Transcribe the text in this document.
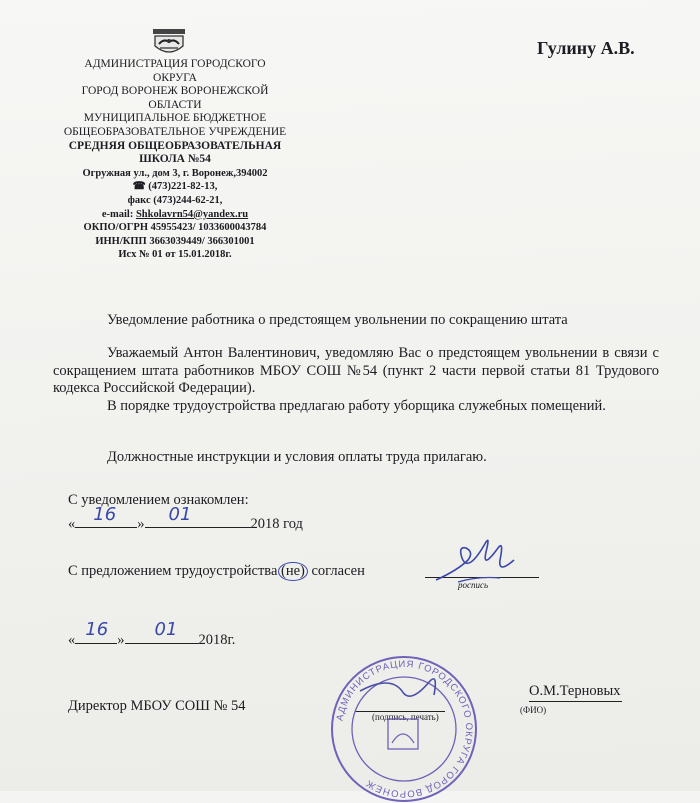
АДМИНИСТРАЦИЯ ГОРОДСКОГО
ОКРУГА
ГОРОД ВОРОНЕЖ ВОРОНЕЖСКОЙ
ОБЛАСТИ
МУНИЦИПАЛЬНОЕ БЮДЖЕТНОЕ
ОБЩЕОБРАЗОВАТЕЛЬНОЕ УЧРЕЖДЕНИЕ
СРЕДНЯЯ ОБЩЕОБРАЗОВАТЕЛЬНАЯ
ШКОЛА №54
Огружная ул., дом 3, г. Воронеж,394002
☎ (473)221-82-13,
факс (473)244-62-21,
e-mail: Shkolavrn54@yandex.ru
ОКПО/ОГРН 45955423/ 1033600043784
ИНН/КПП 3663039449/ 366301001
Исх № 01 от 15.01.2018г.
Гулину А.В.
Уведомление работника о предстоящем увольнении по сокращению штата

Уважаемый Антон Валентинович, уведомляю Вас о предстоящем увольнении в связи с сокращением штата работников МБОУ СОШ №54 (пункт 2 части первой статьи 81 Трудового кодекса Российской Федерации).

В порядке трудоустройства предлагаю работу уборщика служебных помещений.

Должностные инструкции и условия оплаты труда прилагаю.
С уведомлением ознакомлен:
« 16 » 01	2018 год
С предложением трудоустройства (не) согласен
роспись
« 16 » 01 2018г.
Директор МБОУ СОШ № 54
(подпись, печать)
О.М.Терновых
(ФИО)
АДМИНИСТРАЦИЯ ГОРОДСКОГО ОКРУГА ГОРОД ВОРОНЕЖ
